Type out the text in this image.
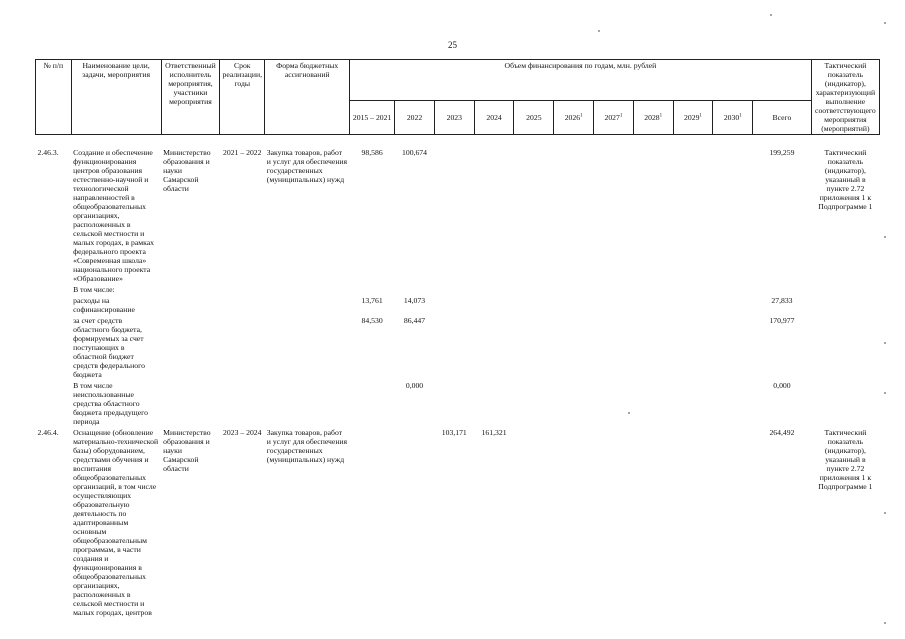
25
№ п/п	Наименование цели, задачи, мероприятия	Ответственный исполнитель мероприятия, участники мероприятия	Срок реализации, годы	Форма бюджетных ассигнований	Объем финансирования по годам, млн. рублей											Тактический показатель (индикатор), характеризующий выполнение соответствующего мероприятия (мероприятий)
					2015 – 2021	2022	2023	2024	2025	2026$^1$	2027$^1$	2028$^1$	2029$^1$	2030$^1$	Всего	

2.46.3.	Создание и обеспечение функционирования центров образования естественно-научной и технологической направленностей в общеобразовательных организациях, расположенных в сельской местности и малых городах, в рамках федерального проекта «Современная школа» национального проекта «Образование»	Министерство образования и науки Самарской области	2021 – 2022	Закупка товаров, работ и услуг для обеспечения государственных (муниципальных) нужд	98,586	100,674									199,259	Тактический показатель (индикатор), указанный в пункте 2.72 приложения 1 к Подпрограмме 1
	В том числе:															
	расходы на софинансирование				13,761	14,073									27,833	
	за счет средств областного бюджета, формируемых за счет поступающих в областной бюджет средств федерального бюджета				84,530	86,447									170,977	
	В том числе неиспользованные средства областного бюджета предыдущего периода					0,000									0,000	
2.46.4.	Оснащение (обновление материально-технической базы) оборудованием, средствами обучения и воспитания общеобразовательных организаций, в том числе осуществляющих образовательную деятельность по адаптированным основным общеобразовательным программам, в части создания и функционирования в общеобразовательных организациях, расположенных в сельской местности и малых городах, центров	Министерство образования и науки Самарской области	2023 – 2024	Закупка товаров, работ и услуг для обеспечения государственных (муниципальных) нужд			103,171	161,321							264,492	Тактический показатель (индикатор), указанный в пункте 2.72 приложения 1 к Подпрограмме 1
